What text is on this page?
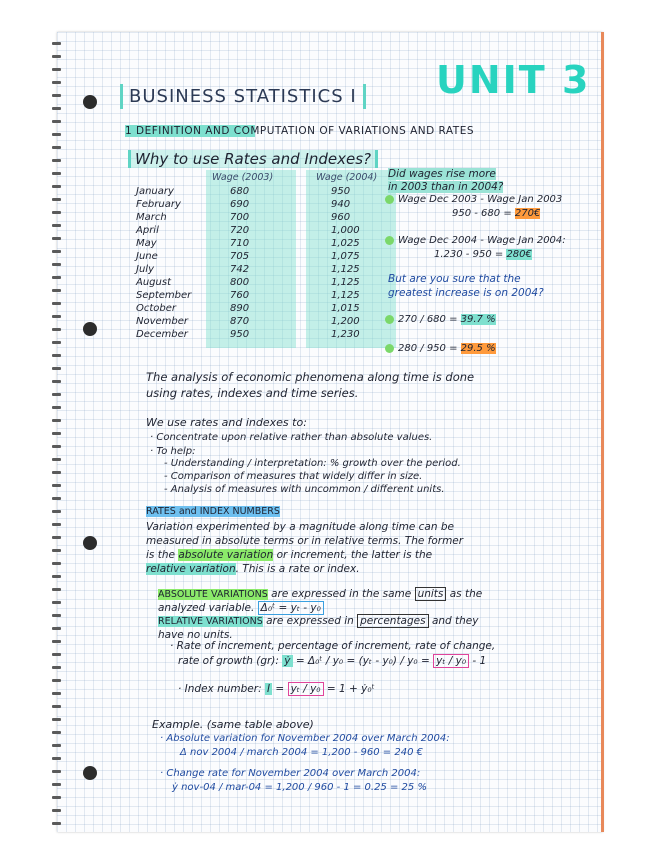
UNIT 3
BUSINESS STATISTICS I
1 DEFINITION AND COMPUTATION OF VARIATIONS AND RATES
Why to use Rates and Indexes?
Wage (2003)	Wage (2004)
January	680	950
February	690	940
March	700	960
April	720	1,000
May	710	1,025
June	705	1,075
July	742	1,125
August	800	1,125
September	760	1,125
October	890	1,015
November	870	1,200
December	950	1,230
Did wages rise more
in 2003 than in 2004?
Wage Dec 2003 - Wage Jan 2003
950 - 680 = 270€
Wage Dec 2004 - Wage Jan 2004:
1.230 - 950 = 280€
But are you sure that the
greatest increase is on 2004?
270 / 680 = 39.7 %
280 / 950 = 29.5 %
The analysis of economic phenomena along time is done
using rates, indexes and time series.
We use rates and indexes to:
· Concentrate upon relative rather than absolute values.
· To help:
- Understanding / interpretation: % growth over the period.
- Comparison of measures that widely differ in size.
- Analysis of measures with uncommon / different units.
RATES and INDEX NUMBERS
Variation experimented by a magnitude along time can be
measured in absolute terms or in relative terms. The former
is the absolute variation or increment, the latter is the
relative variation. This is a rate or index.
ABSOLUTE VARIATIONS are expressed in the same units as the
analyzed variable. Δ₀ᵗ = yₜ - y₀
RELATIVE VARIATIONS are expressed in percentages and they
have no units.
· Rate of increment, percentage of increment, rate of change,
rate of growth (gr): ẏ = Δ₀ᵗ / y₀ = (yₜ - y₀) / y₀ = yₜ / y₀ - 1
· Index number: I = yₜ / y₀ = 1 + ẏ₀ᵗ
Example. (same table above)
· Absolute variation for November 2004 over March 2004:
Δ nov 2004 / march 2004 = 1,200 - 960 = 240 €
· Change rate for November 2004 over March 2004:
ẏ nov-04 / mar-04 = 1,200 / 960 - 1 = 0.25 = 25 %
